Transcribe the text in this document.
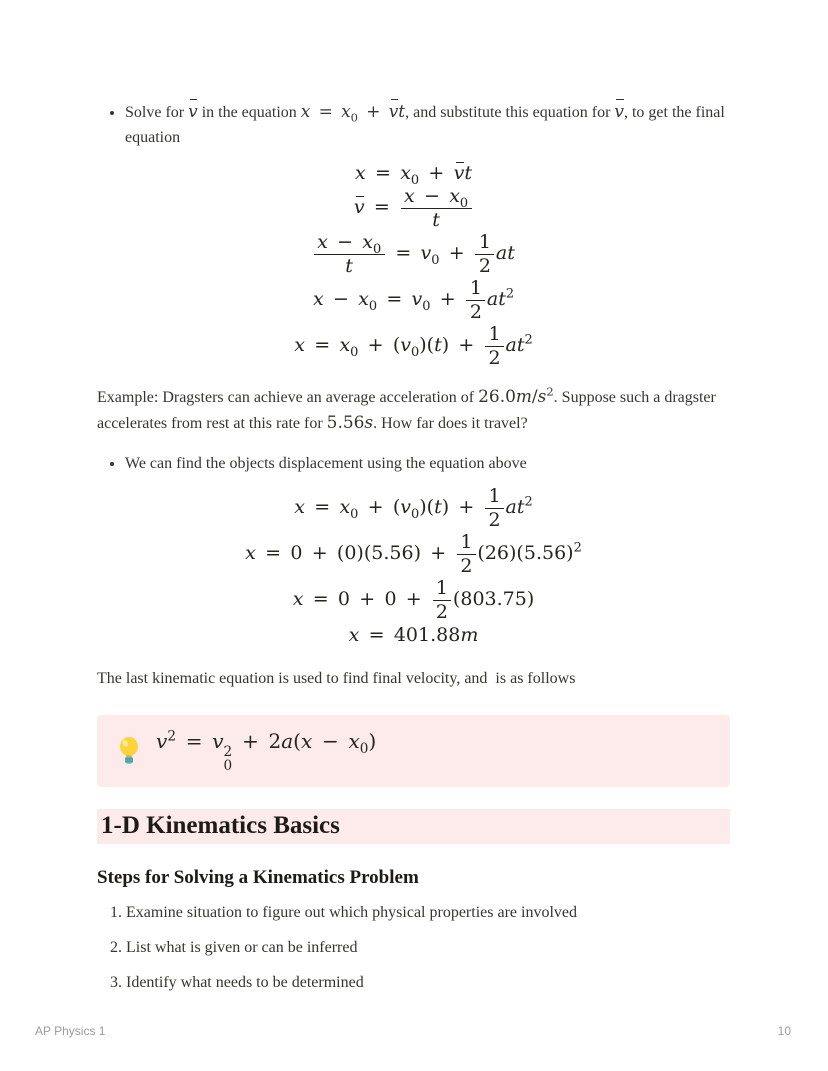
• Solve for v in the equation $x = x_0$ + vt, and substitute this equation for v, to get the final equation
$x = x_0$ + vt
$v = \frac{x - x_0}{t}$
$\frac{x - x_0}{t} = v_0 + \frac{1}{2}$ at
$x - x_0 = v_0 + \frac{1}{2} at^2$
$x = x_0 + (v_0)(t) + \frac{1}{2} at^2$

Example: Dragsters can achieve an average acceleration of $26.0m/s^2$. Suppose such a dragster accelerates from rest at this rate for 5.56s. How far does it travel?

• We can find the objects displacement using the equation above
$x = x_0 + (v_0)(t) + \frac{1}{2} at^2$
$x = 0 + (0)(5.56) + \frac{1}{2} (26)(5.56)^2$
$x = 0 + 0 + \frac{1}{2} (803.75)$
x = 401.88m

The last kinematic equation is used to find final velocity, and  is as follows

$v^2 = v$ 2
0
+ $2a(x - x_0)$
1-D Kinematics Basics
Steps for Solving a Kinematics Problem
1. Examine situation to figure out which physical properties are involved
2. List what is given or can be inferred
3. Identify what needs to be determined
AP Physics 1	10
